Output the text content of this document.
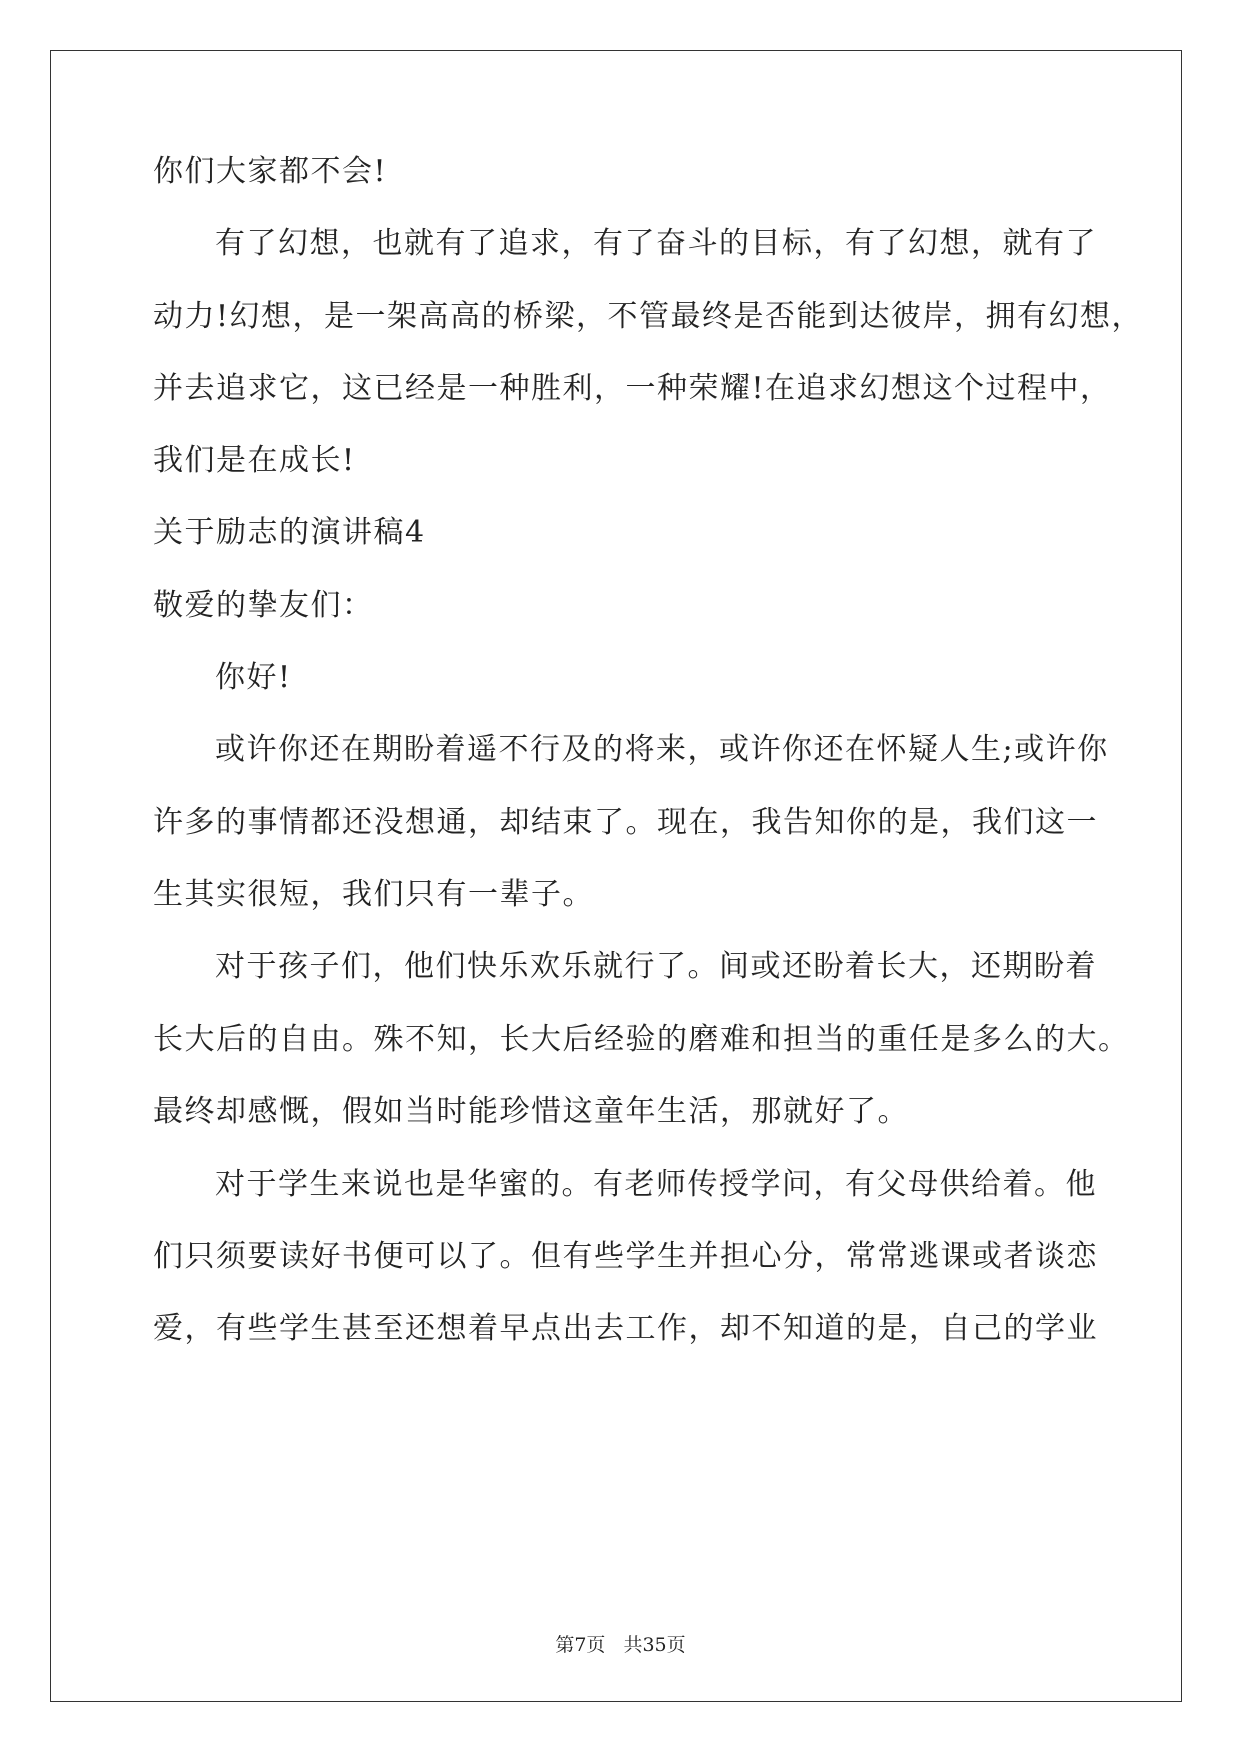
你们大家都不会!
有了幻想，也就有了追求，有了奋斗的目标，有了幻想，就有了
动力!幻想，是一架高高的桥梁，不管最终是否能到达彼岸，拥有幻想，
并去追求它，这已经是一种胜利，一种荣耀!在追求幻想这个过程中，
我们是在成长!
关于励志的演讲稿4
敬爱的挚友们：
你好!
或许你还在期盼着遥不行及的将来，或许你还在怀疑人生;或许你
许多的事情都还没想通，却结束了。现在，我告知你的是，我们这一
生其实很短，我们只有一辈子。
对于孩子们，他们快乐欢乐就行了。间或还盼着长大，还期盼着
长大后的自由。殊不知，长大后经验的磨难和担当的重任是多么的大。
最终却感慨，假如当时能珍惜这童年生活，那就好了。
对于学生来说也是华蜜的。有老师传授学问，有父母供给着。他
们只须要读好书便可以了。但有些学生并担心分，常常逃课或者谈恋
爱，有些学生甚至还想着早点出去工作，却不知道的是，自己的学业
第7页 共35页
